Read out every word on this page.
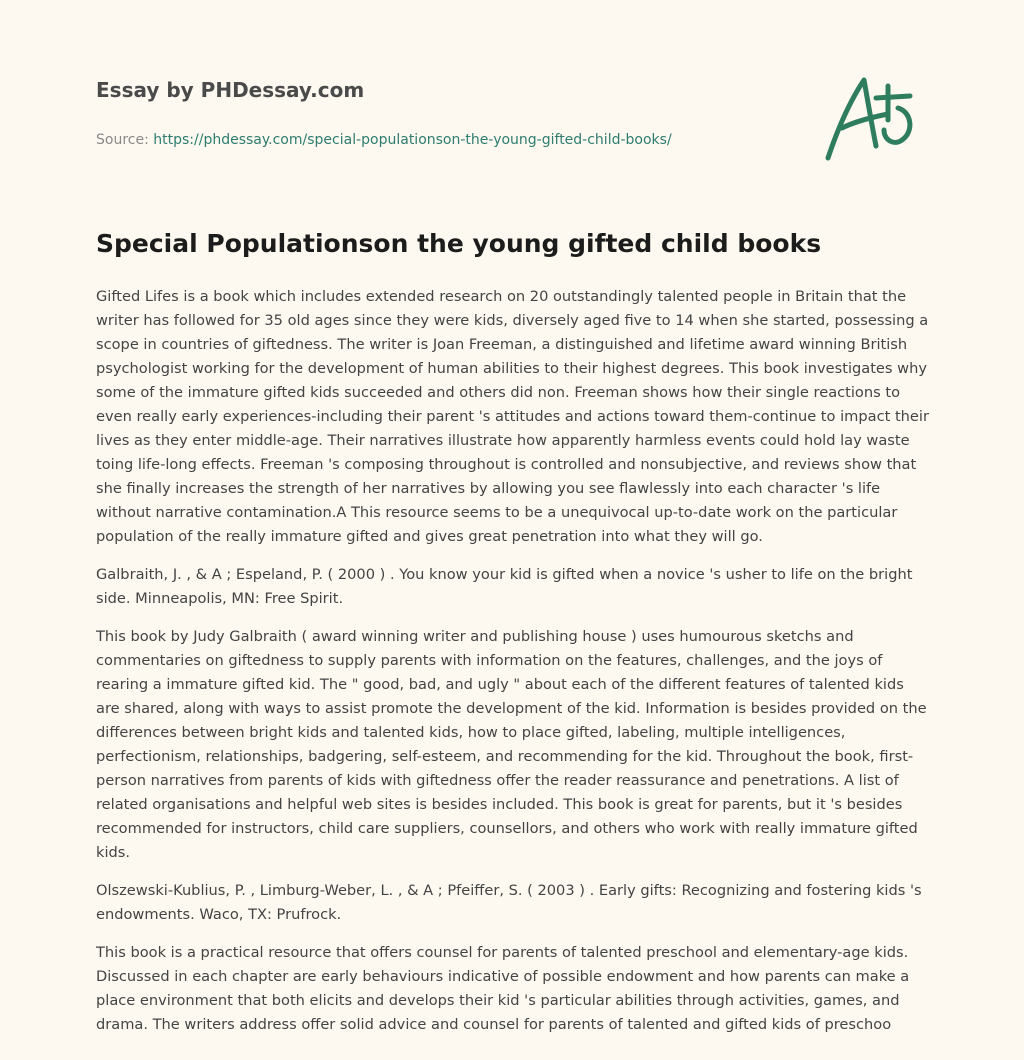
Essay by PHDessay.com

Source: https://phdessay.com/special-populationson-the-young-gifted-child-books/
Special Populationson the young gifted child books

Gifted Lifes is a book which includes extended research on 20 outstandingly talented people in Britain that the writer has followed for 35 old ages since they were kids, diversely aged five to 14 when she started, possessing a scope in countries of giftedness. The writer is Joan Freeman, a distinguished and lifetime award winning British psychologist working for the development of human abilities to their highest degrees. This book investigates why some of the immature gifted kids succeeded and others did non. Freeman shows how their single reactions to even really early experiences-including their parent 's attitudes and actions toward them-continue to impact their lives as they enter middle-age. Their narratives illustrate how apparently harmless events could hold lay waste toing life-long effects. Freeman 's composing throughout is controlled and nonsubjective, and reviews show that she finally increases the strength of her narratives by allowing you see flawlessly into each character 's life without narrative contamination.A This resource seems to be a unequivocal up-to-date work on the particular population of the really immature gifted and gives great penetration into what they will go.

Galbraith, J. , & A ; Espeland, P. ( 2000 ) . You know your kid is gifted when a novice 's usher to life on the bright side. Minneapolis, MN: Free Spirit.

This book by Judy Galbraith ( award winning writer and publishing house ) uses humourous sketchs and commentaries on giftedness to supply parents with information on the features, challenges, and the joys of rearing a immature gifted kid. The " good, bad, and ugly " about each of the different features of talented kids are shared, along with ways to assist promote the development of the kid. Information is besides provided on the differences between bright kids and talented kids, how to place gifted, labeling, multiple intelligences, perfectionism, relationships, badgering, self-esteem, and recommending for the kid. Throughout the book, first-person narratives from parents of kids with giftedness offer the reader reassurance and penetrations. A list of related organisations and helpful web sites is besides included. This book is great for parents, but it 's besides recommended for instructors, child care suppliers, counsellors, and others who work with really immature gifted kids.

Olszewski-Kublius, P. , Limburg-Weber, L. , & A ; Pfeiffer, S. ( 2003 ) . Early gifts: Recognizing and fostering kids 's endowments. Waco, TX: Prufrock.

This book is a practical resource that offers counsel for parents of talented preschool and elementary-age kids. Discussed in each chapter are early behaviours indicative of possible endowment and how parents can make a place environment that both elicits and develops their kid 's particular abilities through activities, games, and drama. The writers address offer solid advice and counsel for parents of talented and gifted kids of preschoo
